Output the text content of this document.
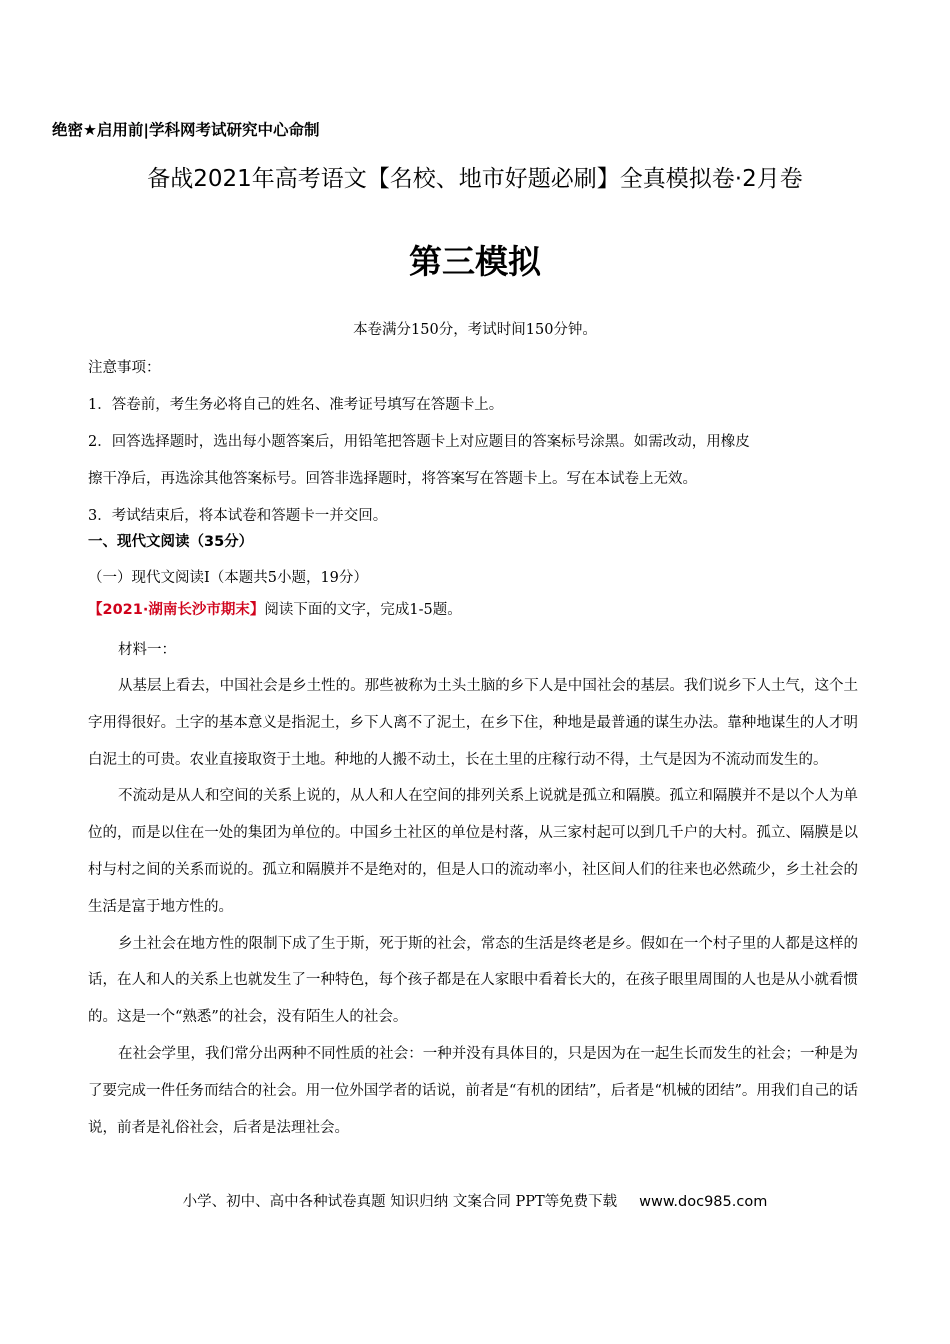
绝密★启用前|学科网考试研究中心命制
备战2021年高考语文【名校、地市好题必刷】全真模拟卷·2月卷
第三模拟
本卷满分150分，考试时间150分钟。
注意事项：
1．答卷前，考生务必将自己的姓名、准考证号填写在答题卡上。
2．回答选择题时，选出每小题答案后，用铅笔把答题卡上对应题目的答案标号涂黑。如需改动，用橡皮
擦干净后，再选涂其他答案标号。回答非选择题时，将答案写在答题卡上。写在本试卷上无效。
3．考试结束后，将本试卷和答题卡一并交回。
一、现代文阅读（35分）
（一）现代文阅读Ⅰ（本题共5小题，19分）
【2021·湖南长沙市期末】阅读下面的文字，完成1-5题。
材料一：

从基层上看去，中国社会是乡土性的。那些被称为土头土脑的乡下人是中国社会的基层。我们说乡下人土气，这个土字用得很好。土字的基本意义是指泥土，乡下人离不了泥土，在乡下住，种地是最普通的谋生办法。靠种地谋生的人才明白泥土的可贵。农业直接取资于土地。种地的人搬不动土，长在土里的庄稼行动不得，土气是因为不流动而发生的。

不流动是从人和空间的关系上说的，从人和人在空间的排列关系上说就是孤立和隔膜。孤立和隔膜并不是以个人为单位的，而是以住在一处的集团为单位的。中国乡土社区的单位是村落，从三家村起可以到几千户的大村。孤立、隔膜是以村与村之间的关系而说的。孤立和隔膜并不是绝对的，但是人口的流动率小，社区间人们的往来也必然疏少，乡土社会的生活是富于地方性的。

乡土社会在地方性的限制下成了生于斯，死于斯的社会，常态的生活是终老是乡。假如在一个村子里的人都是这样的话，在人和人的关系上也就发生了一种特色，每个孩子都是在人家眼中看着长大的，在孩子眼里周围的人也是从小就看惯的。这是一个“熟悉”的社会，没有陌生人的社会。

在社会学里，我们常分出两种不同性质的社会：一种并没有具体目的，只是因为在一起生长而发生的社会；一种是为了要完成一件任务而结合的社会。用一位外国学者的话说，前者是“有机的团结”，后者是“机械的团结”。用我们自己的话说，前者是礼俗社会，后者是法理社会。

小学、初中、高中各种试卷真题 知识归纳 文案合同 PPT等免费下载 www.doc985.com
